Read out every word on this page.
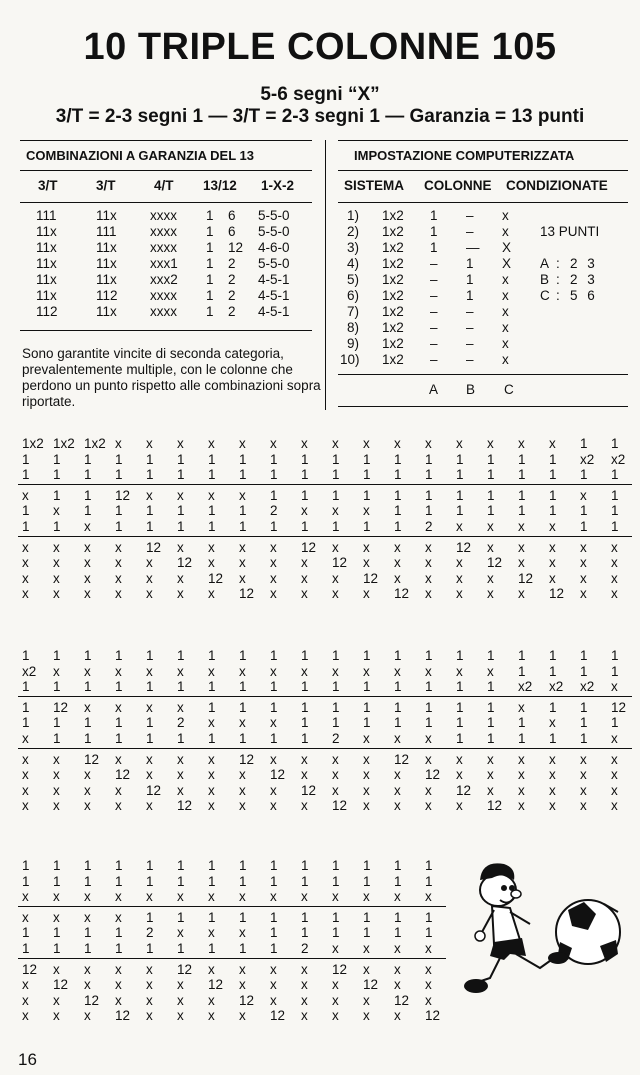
10 TRIPLE COLONNE 105
5-6 segni “X”
3/T = 2-3 segni 1 — 3/T = 2-3 segni 1 — Garanzia = 13 punti
COMBINAZIONI A GARANZIA DEL 13
3/T	3/T	4/T 13/12 1-X-2
111	11x xxxx 1 6 5-5-0
11x	111 xxxx 1 6 5-5-0
11x	11x xxxx 1 12 4-6-0
11x	11x xxx1 1 2 5-5-0
11x	11x xxx2 1 2 4-5-1
11x	112 xxxx 1 2 4-5-1
112	11x xxxx 1 2 4-5-1
Sono garantite vincite di seconda categoria, prevalentemente multiple, con le colonne che perdono un punto rispetto alle combinazioni sopra riportate.
IMPOSTAZIONE COMPUTERIZZATA
SISTEMA COLONNE CONDIZIONATE
1) 1x2 1 – x
2) 1x2 1 – x
3) 1x2 1 — X
4) 1x2 – 1 X
5) 1x2 – 1 x
6) 1x2 – 1 x
7) 1x2 – – x
8) 1x2 – – x
9) 1x2 – – x
10) 1x2 – – x
13 PUNTI
A : 2 3
B : 2 3
C : 5 6
A B C
1x2 1x2 1x2 x x x x x x x x x x x x x x x 1 1
1 1 1 1 1 1 1 1 1 1 1 1 1 1 1 1 1 1 x2 x2
1 1 1 1 1 1 1 1 1 1 1 1 1 1 1 1 1 1 1 1
x 1 1 12 x x x x 1 1 1 1 1 1 1 1 1 1 x 1
1 x 1 1 1 1 1 1 2 x x x 1 1 1 1 1 1 1 1
1 1 x 1 1 1 1 1 1 1 1 1 1 2 x x x x 1 1
x x x x 12 x x x x 12 x x x x 12 x x x x x
x x x x x 12 x x x x 12 x x x x 12 x x x x
x x x x x x 12 x x x x 12 x x x x 12 x x x
x x x x x x x 12 x x x x 12 x x x x 12 x x
1 1 1 1 1 1 1 1 1 1 1 1 1 1 1 1 1 1 1 1
x2 x x x x x x x x x x x x x x x 1 1 1 1
1 1 1 1 1 1 1 1 1 1 1 1 1 1 1 1 x2 x2 x2 x
1 12 x x x x 1 1 1 1 1 1 1 1 1 1 x 1 1 12
1 1 1 1 1 2 x x x 1 1 1 1 1 1 1 1 x 1 1
x 1 1 1 1 1 1 1 1 1 2 x x x 1 1 1 1 1 x
x x 12 x x x x 12 x x x x 12 x x x x x x x
x x x 12 x x x x 12 x x x x 12 x x x x x x
x x x x 12 x x x x 12 x x x x 12 x x x x x
x x x x x 12 x x x x 12 x x x x 12 x x x x
1 1 1 1 1 1 1 1 1 1 1 1 1 1
1 1 1 1 1 1 1 1 1 1 1 1 1 1
x x x x x x x x x x x x x x
x x x x 1 1 1 1 1 1 1 1 1 1
1 1 1 1 2 x x x 1 1 1 1 1 1
1 1 1 1 1 1 1 1 1 2 x x x x
12 x x x x 12 x x x x 12 x x x
x 12 x x x x 12 x x x x 12 x x
x x 12 x x x x 12 x x x x 12 x
x x x 12 x x x x 12 x x x x 12
16
